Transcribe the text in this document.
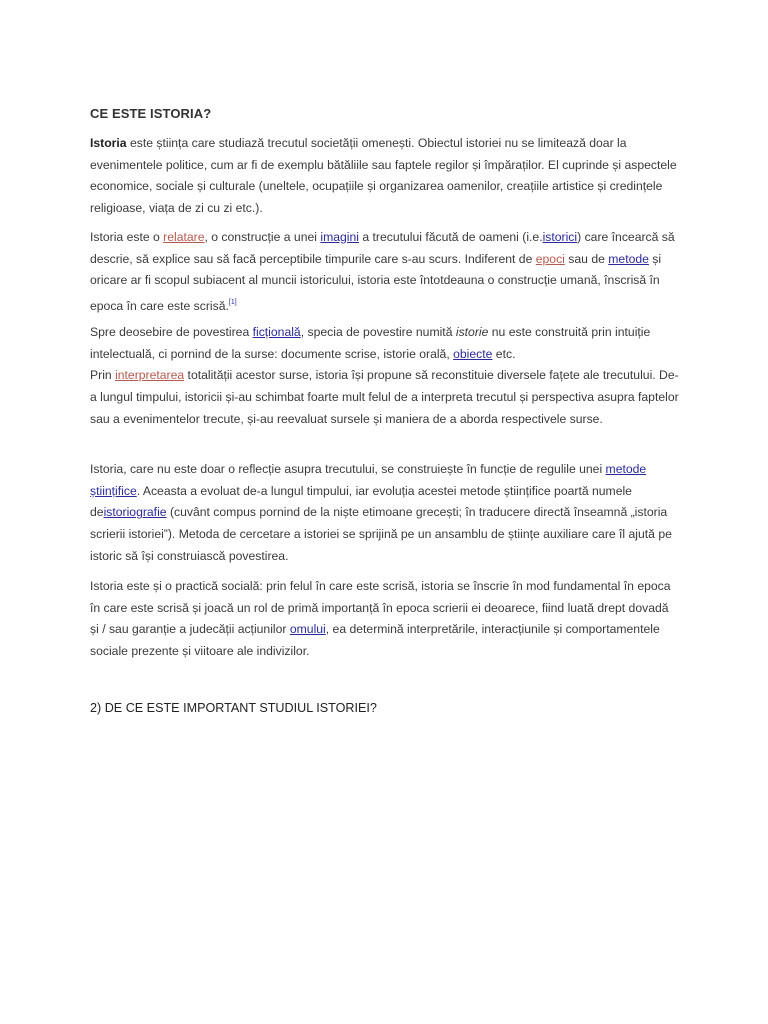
CE ESTE ISTORIA?

Istoria este știința care studiază trecutul societății omenești. Obiectul istoriei nu se limitează doar la evenimentele politice, cum ar fi de exemplu bătăliile sau faptele regilor și împăraților. El cuprinde și aspectele economice, sociale și culturale (uneltele, ocupațiile și organizarea oamenilor, creațiile artistice și credințele religioase, viața de zi cu zi etc.).

Istoria este o relatare, o construcție a unei imagini a trecutului făcută de oameni (i.e.istorici) care încearcă să descrie, să explice sau să facă perceptibile timpurile care s-au scurs. Indiferent de epoci sau de metode și oricare ar fi scopul subiacent al muncii istoricului, istoria este întotdeauna o construcție umană, înscrisă în epoca în care este scrisă.[1]

Spre deosebire de povestirea ficțională, specia de povestire numită istorie nu este construită prin intuiție intelectuală, ci pornind de la surse: documente scrise, istorie orală, obiecte etc.
Prin interpretarea totalității acestor surse, istoria își propune să reconstituie diversele fațete ale trecutului. De-a lungul timpului, istoricii și-au schimbat foarte mult felul de a interpreta trecutul și perspectiva asupra faptelor sau a evenimentelor trecute, și-au reevaluat sursele și maniera de a aborda respectivele surse.

Istoria, care nu este doar o reflecție asupra trecutului, se construiește în funcție de regulile unei metode științifice. Aceasta a evoluat de-a lungul timpului, iar evoluția acestei metode științifice poartă numele deistoriografie (cuvânt compus pornind de la niște etimoane grecești; în traducere directă înseamnă „istoria scrierii istoriei”). Metoda de cercetare a istoriei se sprijină pe un ansamblu de științe auxiliare care îl ajută pe istoric să își construiască povestirea.

Istoria este și o practică socială: prin felul în care este scrisă, istoria se înscrie în mod fundamental în epoca în care este scrisă și joacă un rol de primă importanță în epoca scrierii ei deoarece, fiind luată drept dovadă și / sau garanție a judecății acțiunilor omului, ea determină interpretările, interacțiunile și comportamentele sociale prezente și viitoare ale indivizilor.

2) DE CE ESTE IMPORTANT STUDIUL ISTORIEI?
